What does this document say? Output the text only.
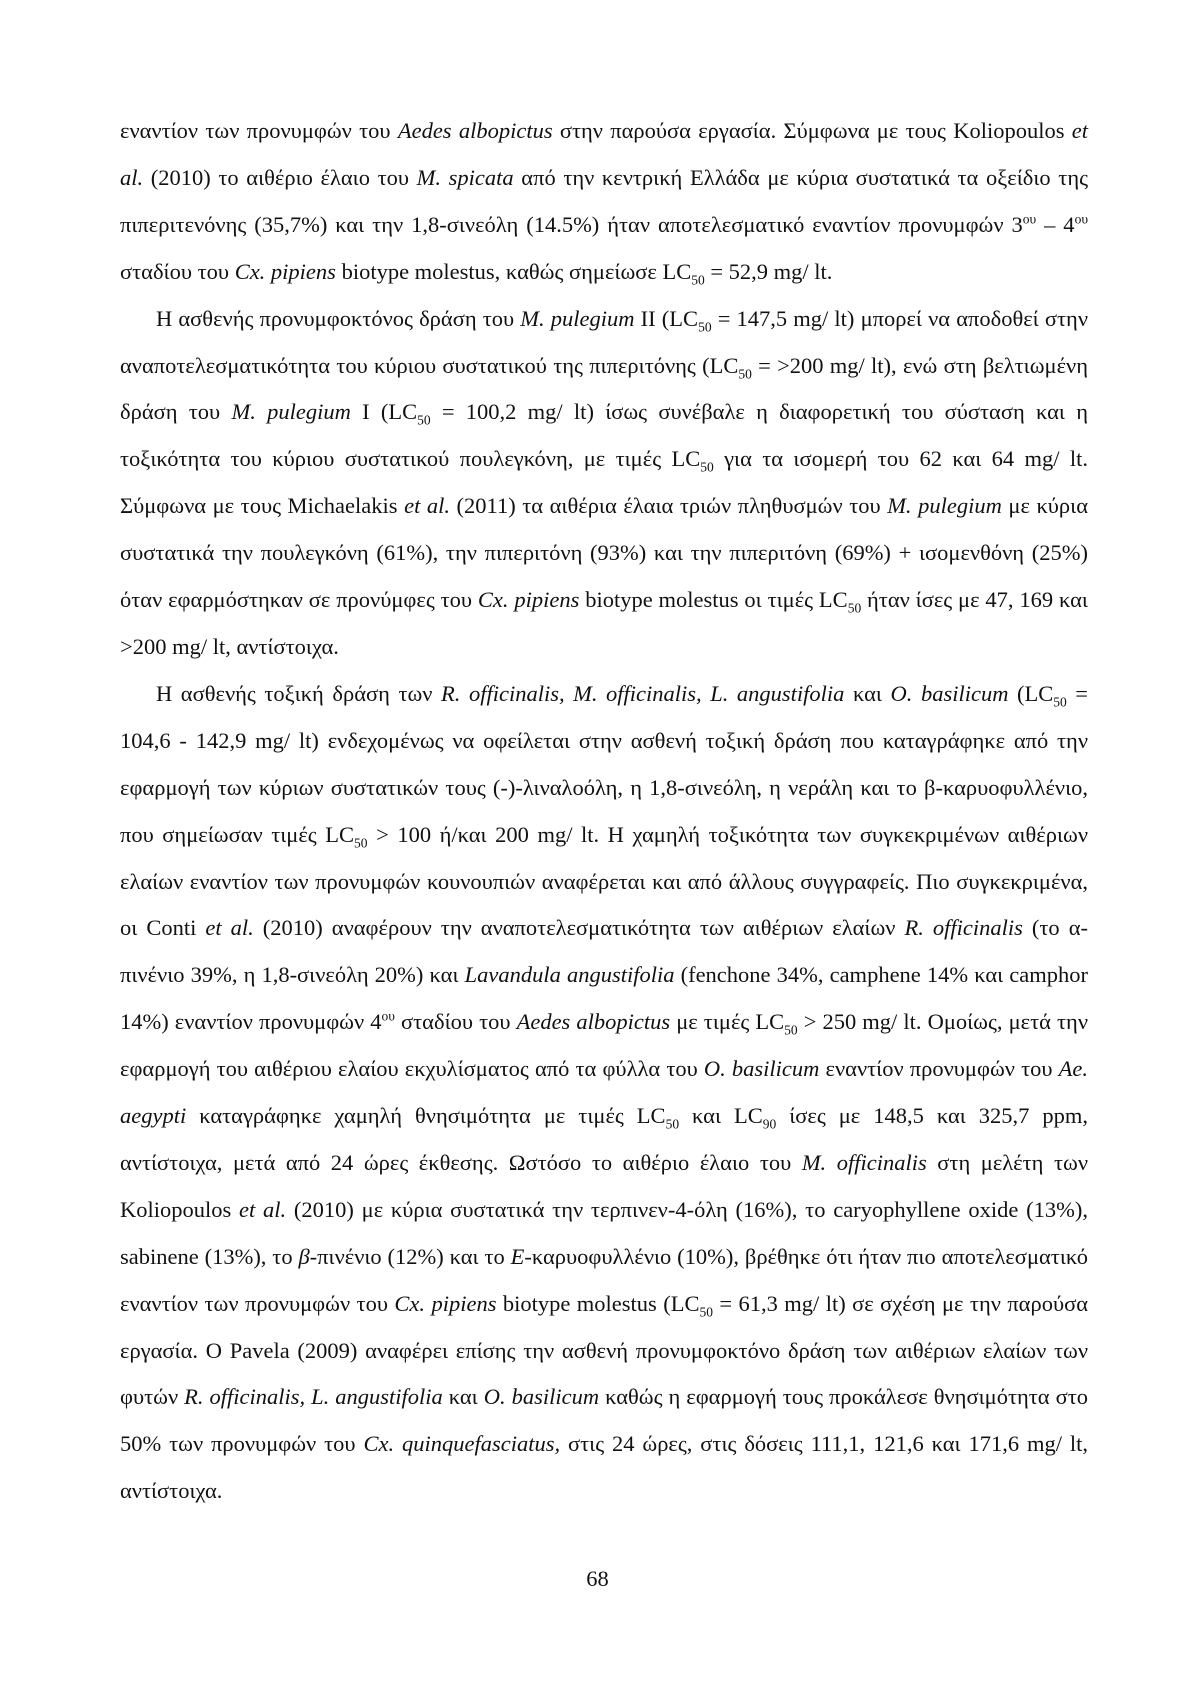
εναντίον των προνυμφών του Aedes albopictus στην παρούσα εργασία. Σύμφωνα με τους Koliopoulos et al. (2010) το αιθέριο έλαιο του M. spicata από την κεντρική Ελλάδα με κύρια συστατικά τα οξείδιο της πιπεριτενόνης (35,7%) και την 1,8-σινεόλη (14.5%) ήταν αποτελεσματικό εναντίον προνυμφών $3^{o\upsilon} - 4^{o\upsilon}$ σταδίου του Cx. pipiens biotype molestus, καθώς σημείωσε $LC_{50} = 52,9$ mg/ lt.

Η ασθενής προνυμφοκτόνος δράση του M. pulegium II ($LC_{50} = 147,5$ mg/ lt) μπορεί να αποδοθεί στην αναποτελεσματικότητα του κύριου συστατικού της πιπεριτόνης ($LC_{50} = >200$ mg/ lt), ενώ στη βελτιωμένη δράση του M. pulegium I ($LC_{50} = 100,2$ mg/ lt) ίσως συνέβαλε η διαφορετική του σύσταση και η τοξικότητα του κύριου συστατικού πουλεγκόνη, με τιμές $LC_{50}$ για τα ισομερή του 62 και 64 mg/ lt. Σύμφωνα με τους Michaelakis et al. (2011) τα αιθέρια έλαια τριών πληθυσμών του M. pulegium με κύρια συστατικά την πουλεγκόνη (61%), την πιπεριτόνη (93%) και την πιπεριτόνη (69%) + ισομενθόνη (25%) όταν εφαρμόστηκαν σε προνύμφες του Cx. pipiens biotype molestus οι τιμές $LC_{50}$ ήταν ίσες με 47, 169 και >200 mg/ lt, αντίστοιχα.

Η ασθενής τοξική δράση των R. officinalis, M. officinalis, L. angustifolia και O. basilicum ($LC_{50} = 104,6 - 142,9$ mg/ lt) ενδεχομένως να οφείλεται στην ασθενή τοξική δράση που καταγράφηκε από την εφαρμογή των κύριων συστατικών τους (-)-λιναλοόλη, η 1,8-σινεόλη, η νεράλη και το β-καρυοφυλλένιο, που σημείωσαν τιμές $LC_{50} > 100$ ή/και 200 mg/ lt. Η χαμηλή τοξικότητα των συγκεκριμένων αιθέριων ελαίων εναντίον των προνυμφών κουνουπιών αναφέρεται και από άλλους συγγραφείς. Πιο συγκεκριμένα, οι Conti et al. (2010) αναφέρουν την αναποτελεσματικότητα των αιθέριων ελαίων R. officinalis (το α-πινένιο 39%, η 1,8-σινεόλη 20%) και Lavandula angustifolia (fenchone 34%, camphene 14% και camphor 14%) εναντίον προνυμφών $4^{o\upsilon}$ σταδίου του Aedes albopictus με τιμές $LC_{50} > 250$ mg/ lt. Ομοίως, μετά την εφαρμογή του αιθέριου ελαίου εκχυλίσματος από τα φύλλα του O. basilicum εναντίον προνυμφών του Ae. aegypti καταγράφηκε χαμηλή θνησιμότητα με τιμές $LC_{50}$ και $LC_{90}$ ίσες με 148,5 και 325,7 ppm, αντίστοιχα, μετά από 24 ώρες έκθεσης. Ωστόσο το αιθέριο έλαιο του M. officinalis στη μελέτη των Koliopoulos et al. (2010) με κύρια συστατικά την τερπινεν-4-όλη (16%), το caryophyllene oxide (13%), sabinene (13%), το β-πινένιο (12%) και το E-καρυοφυλλένιο (10%), βρέθηκε ότι ήταν πιο αποτελεσματικό εναντίον των προνυμφών του Cx. pipiens biotype molestus ($LC_{50} = 61,3$ mg/ lt) σε σχέση με την παρούσα εργασία. Ο Pavela (2009) αναφέρει επίσης την ασθενή προνυμφοκτόνο δράση των αιθέριων ελαίων των φυτών R. officinalis, L. angustifolia και O. basilicum καθώς η εφαρμογή τους προκάλεσε θνησιμότητα στο 50% των προνυμφών του Cx. quinquefasciatus, στις 24 ώρες, στις δόσεις 111,1, 121,6 και 171,6 mg/ lt, αντίστοιχα.

68
